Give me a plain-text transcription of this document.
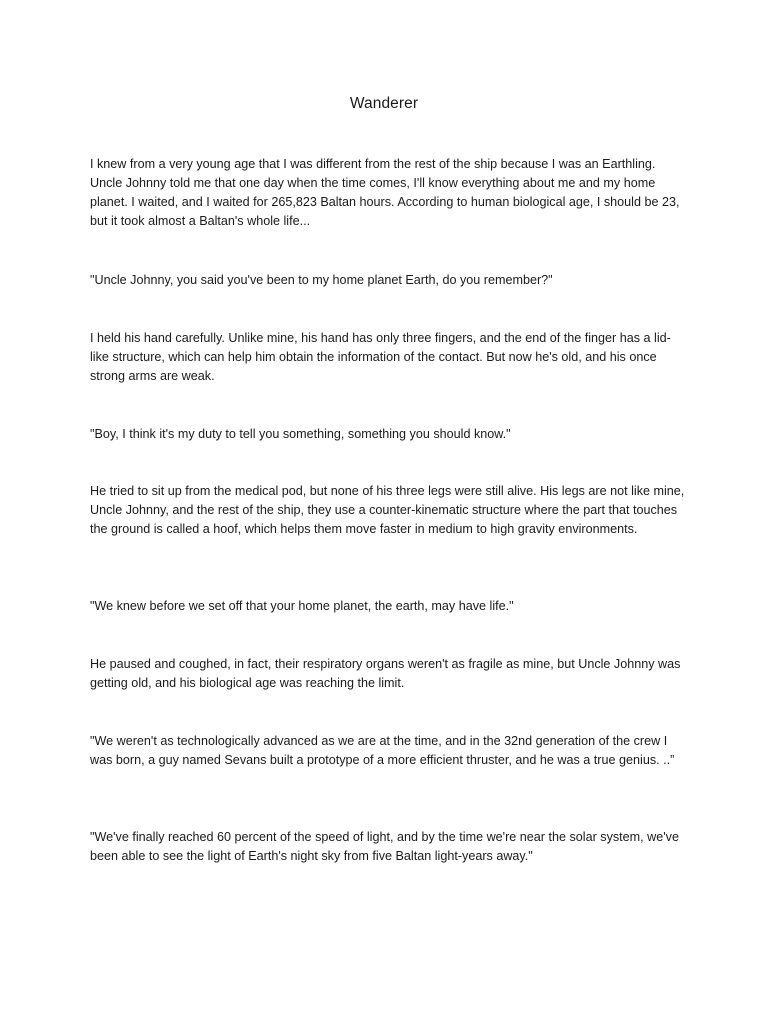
Wanderer

I knew from a very young age that I was different from the rest of the ship because I was an Earthling. Uncle Johnny told me that one day when the time comes, I'll know everything about me and my home planet. I waited, and I waited for 265,823 Baltan hours. According to human biological age, I should be 23, but it took almost a Baltan's whole life...

"Uncle Johnny, you said you've been to my home planet Earth, do you remember?"

I held his hand carefully. Unlike mine, his hand has only three fingers, and the end of the finger has a lid-like structure, which can help him obtain the information of the contact. But now he's old, and his once strong arms are weak.

"Boy, I think it's my duty to tell you something, something you should know."

He tried to sit up from the medical pod, but none of his three legs were still alive. His legs are not like mine, Uncle Johnny, and the rest of the ship, they use a counter-kinematic structure where the part that touches the ground is called a hoof, which helps them move faster in medium to high gravity environments.

"We knew before we set off that your home planet, the earth, may have life."

He paused and coughed, in fact, their respiratory organs weren't as fragile as mine, but Uncle Johnny was getting old, and his biological age was reaching the limit.

"We weren't as technologically advanced as we are at the time, and in the 32nd generation of the crew I was born, a guy named Sevans built a prototype of a more efficient thruster, and he was a true genius. ..”

"We've finally reached 60 percent of the speed of light, and by the time we're near the solar system, we've been able to see the light of Earth's night sky from five Baltan light-years away."
